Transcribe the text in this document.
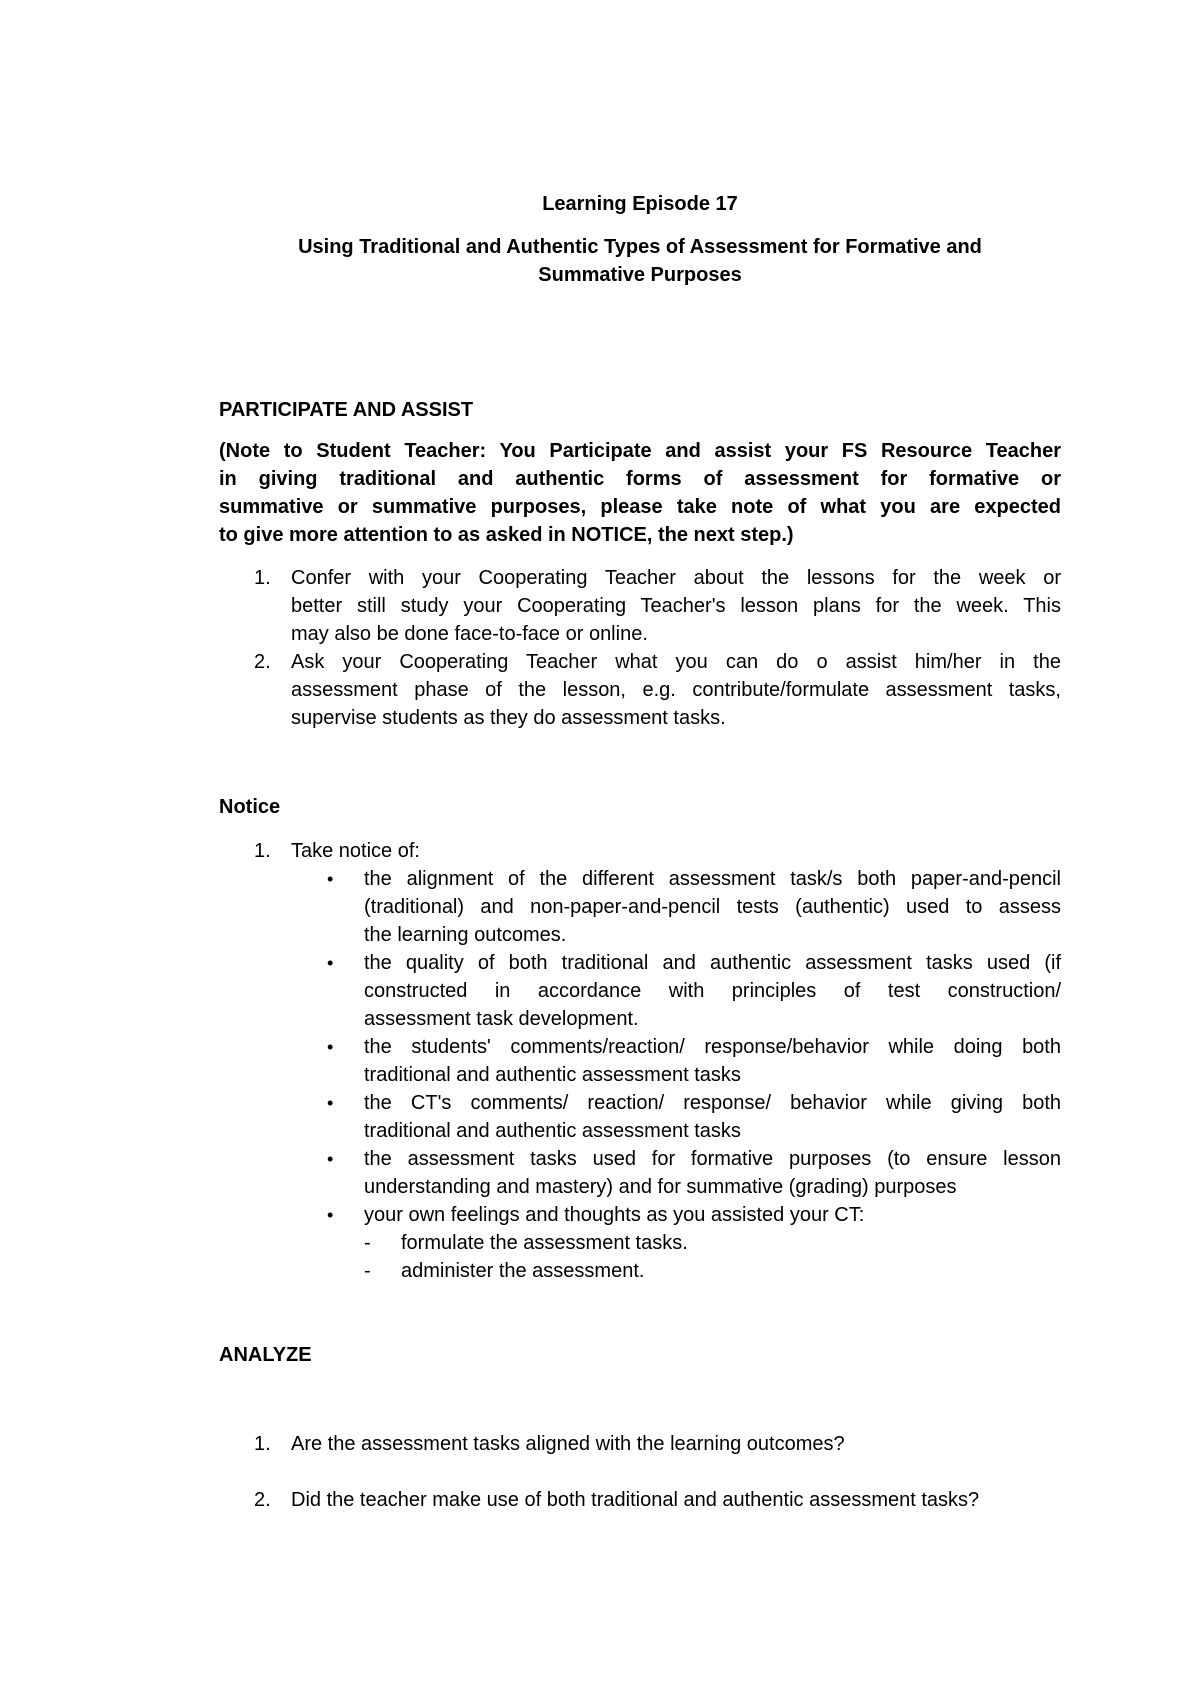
Learning Episode 17
Using Traditional and Authentic Types of Assessment for Formative and
Summative Purposes
PARTICIPATE AND ASSIST
(Note to Student Teacher: You Participate and assist your FS Resource Teacher
in giving traditional and authentic forms of assessment for formative or
summative or summative purposes, please take note of what you are expected
to give more attention to as asked in NOTICE, the next step.)
1. Confer with your Cooperating Teacher about the lessons for the week or
better still study your Cooperating Teacher's lesson plans for the week. This
may also be done face-to-face or online.
2. Ask your Cooperating Teacher what you can do o assist him/her in the
assessment phase of the lesson, e.g. contribute/formulate assessment tasks,
supervise students as they do assessment tasks.
Notice
1. Take notice of:
• the alignment of the different assessment task/s both paper-and-pencil
(traditional) and non-paper-and-pencil tests (authentic) used to assess
the learning outcomes.
• the quality of both traditional and authentic assessment tasks used (if
constructed in accordance with principles of test construction/
assessment task development.
• the students' comments/reaction/ response/behavior while doing both
traditional and authentic assessment tasks
• the CT's comments/ reaction/ response/ behavior while giving both
traditional and authentic assessment tasks
• the assessment tasks used for formative purposes (to ensure lesson
understanding and mastery) and for summative (grading) purposes
• your own feelings and thoughts as you assisted your CT:
- formulate the assessment tasks.
- administer the assessment.
ANALYZE
1. Are the assessment tasks aligned with the learning outcomes?
2. Did the teacher make use of both traditional and authentic assessment tasks?
